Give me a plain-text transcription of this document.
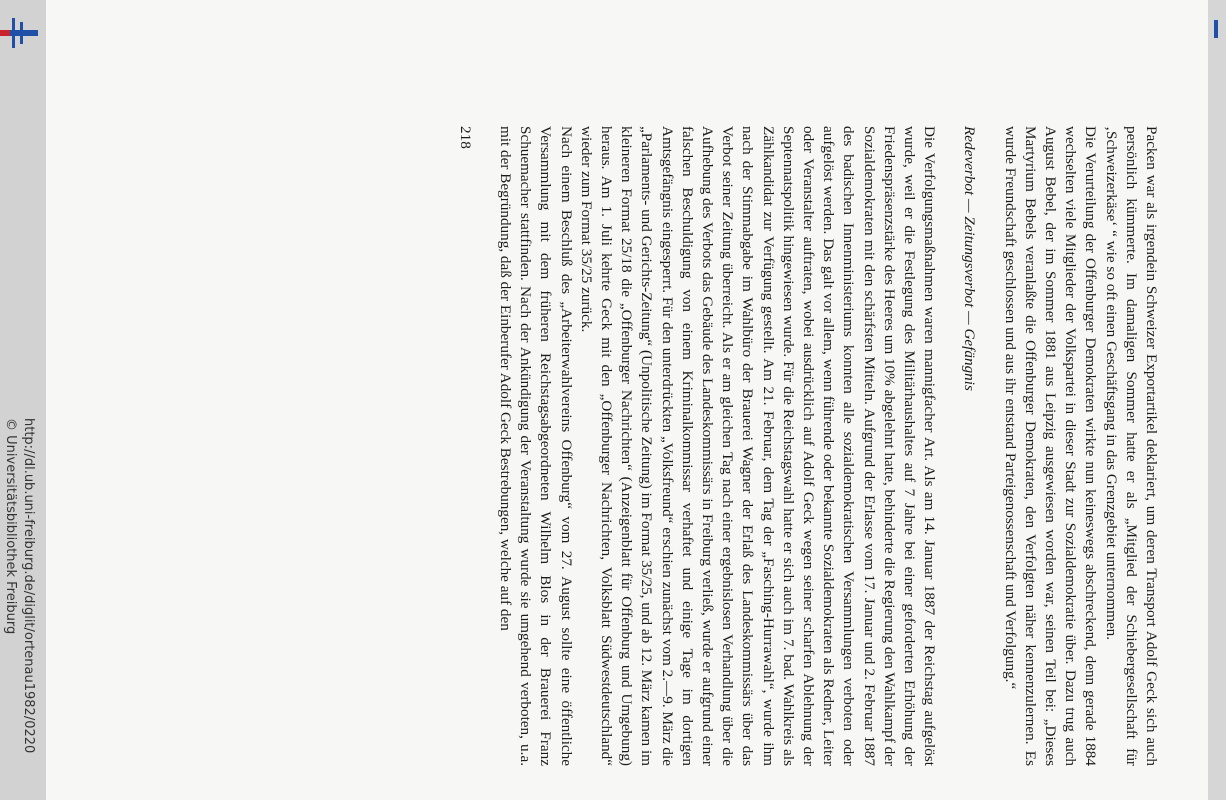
http://dl.ub.uni-freiburg.de/diglit/ortenau1982/0220
© Universitätsbibliothek Freiburg	Packen war als irgendein Schweizer Exportartikel deklariert, um deren Transport Adolf Geck sich auch persönlich kümmerte. Im damaligen Sommer hatte er als „Mitglied der Schiebergesellschaft für ‚Schweizerkäse‘ “ wie so oft einen Geschäftsgang in das Grenzgebiet unternommen.

Die Verurteilung der Offenburger Demokraten wirkte nun keineswegs abschreckend, denn gerade 1884 wechselten viele Mitglieder der Volkspartei in dieser Stadt zur Sozialdemokratie über. Dazu trug auch August Bebel, der im Sommer 1881 aus Leipzig ausgewiesen worden war, seinen Teil bei: „Dieses Martyrium Bebels veranlaßte die Offenburger Demokraten, den Verfolgten näher kennenzulernen. Es wurde Freundschaft geschlossen und aus ihr entstand Parteigenossenschaft und Verfolgung.“

Redeverbot — Zeitungsverbot — Gefängnis

Die Verfolgungsmaßnahmen waren mannigfacher Art. Als am 14. Januar 1887 der Reichstag aufgelöst wurde, weil er die Festlegung des Militärhaushaltes auf 7 Jahre bei einer geforderten Erhöhung der Friedenspräsenzstärke des Heeres um 10% abgelehnt hatte, behinderte die Regierung den Wahlkampf der Sozialdemokraten mit den schärfsten Mitteln. Aufgrund der Erlasse vom 17. Januar und 2. Februar 1887 des badischen Innenministeriums konnten alle sozialdemokratischen Versammlungen verboten oder aufgelöst werden. Das galt vor allem, wenn führende oder bekannte Sozialdemokraten als Redner, Leiter oder Veranstalter auftraten, wobei ausdrücklich auf Adolf Geck wegen seiner scharfen Ablehnung der Septennatspolitik hingewiesen wurde. Für die Reichstagswahl hatte er sich auch im 7. bad. Wahlkreis als Zählkandidat zur Verfügung gestellt. Am 21. Februar, dem Tag der „Fasching-Hurrawahl“, wurde ihm nach der Stimmabgabe im Wahlbüro der Brauerei Wagner der Erlaß des Landeskommissärs über das Verbot seiner Zeitung überreicht. Als er am gleichen Tag nach einer ergebnislosen Verhandlung über die Aufhebung des Verbots das Gebäude des Landeskommissärs in Freiburg verließ, wurde er aufgrund einer falschen Beschuldigung von einem Kriminalkommissar verhaftet und einige Tage im dortigen Amtsgefängnis eingesperrt. Für den unterdrückten „Volksfreund“ erschien zunächst vom 2.—9. März die „Parlaments- und Gerichts-Zeitung“ (Unpolitische Zeitung) im Format 35/25, und ab 12. März kamen im kleineren Format 25/18 die „Offenburger Nachrichten“ (Anzeigenblatt für Offenburg und Umgebung) heraus. Am 1. Juli kehrte Geck mit den „Offenburger Nachrichten, Volksblatt Südwestdeutschland“ wieder zum Format 35/25 zurück.

Nach einem Beschluß des „Arbeiterwahlvereins Offenburg“ vom 27. August sollte eine öffentliche Versammlung mit dem früheren Reichstagsabgeordneten Wilhelm Blos in der Brauerei Franz Schuemacher stattfinden. Nach der Ankündigung der Veranstaltung wurde sie umgehend verboten, u.a. mit der Begründung, daß der Einberufer Adolf Geck Bestrebungen, welche auf den

218
